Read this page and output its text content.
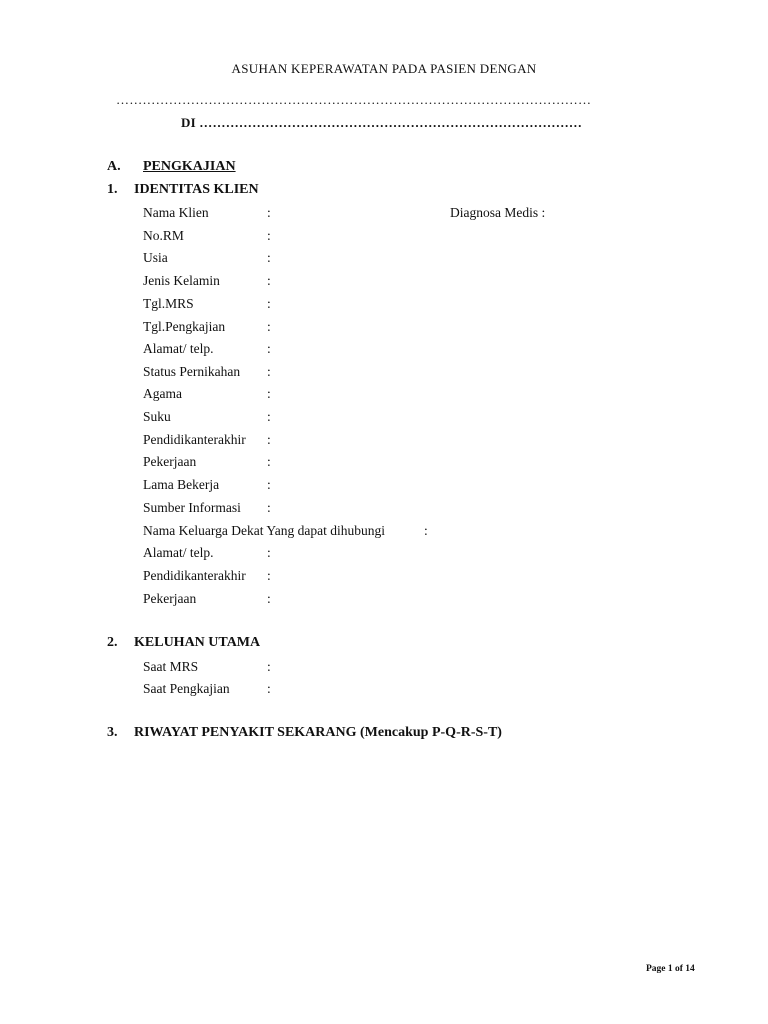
ASUHAN KEPERAWATAN PADA PASIEN DENGAN
………………………………………………………………………………………………
DI ……………………………………………………………………………
A. PENGKAJIAN
1. IDENTITAS KLIEN
Nama Klien	:	Diagnosa Medis :
No.RM	:
Usia	:
Jenis Kelamin	:
Tgl.MRS	:
Tgl.Pengkajian	:
Alamat/ telp.	:
Status Pernikahan :
Agama	:
Suku	:
Pendidikanterakhir :
Pekerjaan	:
Lama Bekerja	:
Sumber Informasi :
Nama Keluarga Dekat Yang dapat dihubungi	:
Alamat/ telp.	:
Pendidikanterakhir :
Pekerjaan	:
2. KELUHAN UTAMA
Saat MRS	:
Saat Pengkajian	:
3. RIWAYAT PENYAKIT SEKARANG (Mencakup P-Q-R-S-T)
Page 1 of 14
